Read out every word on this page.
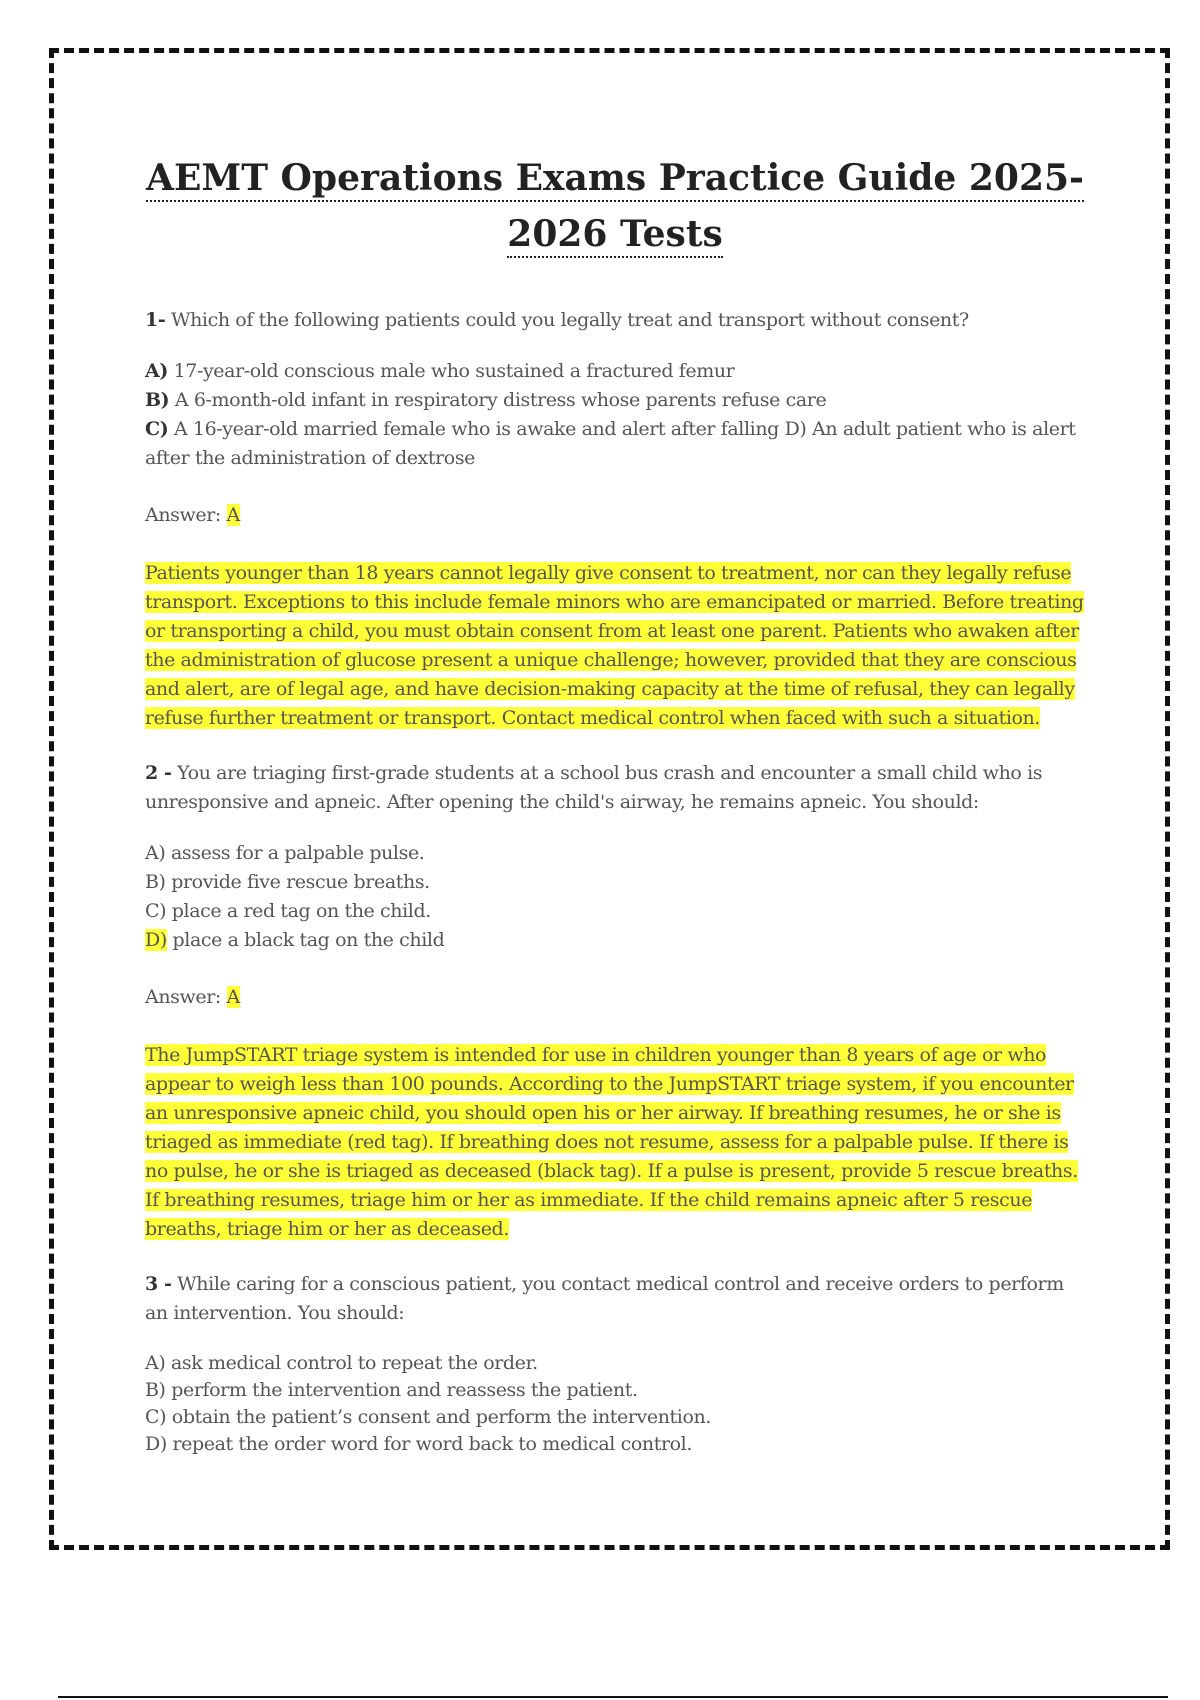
AEMT Operations Exams Practice Guide 2025-
2026 Tests

1- Which of the following patients could you legally treat and transport without consent?

A) 17-year-old conscious male who sustained a fractured femur
B) A 6-month-old infant in respiratory distress whose parents refuse care
C) A 16-year-old married female who is awake and alert after falling D) An adult patient who is alert after the administration of dextrose

Answer: A

Patients younger than 18 years cannot legally give consent to treatment, nor can they legally refuse transport. Exceptions to this include female minors who are emancipated or married. Before treating or transporting a child, you must obtain consent from at least one parent. Patients who awaken after the administration of glucose present a unique challenge; however, provided that they are conscious and alert, are of legal age, and have decision-making capacity at the time of refusal, they can legally refuse further treatment or transport. Contact medical control when faced with such a situation.

2 - You are triaging first-grade students at a school bus crash and encounter a small child who is unresponsive and apneic. After opening the child's airway, he remains apneic. You should:

A) assess for a palpable pulse.
B) provide five rescue breaths.
C) place a red tag on the child.
D) place a black tag on the child

Answer: A

The JumpSTART triage system is intended for use in children younger than 8 years of age or who appear to weigh less than 100 pounds. According to the JumpSTART triage system, if you encounter an unresponsive apneic child, you should open his or her airway. If breathing resumes, he or she is triaged as immediate (red tag). If breathing does not resume, assess for a palpable pulse. If there is no pulse, he or she is triaged as deceased (black tag). If a pulse is present, provide 5 rescue breaths. If breathing resumes, triage him or her as immediate. If the child remains apneic after 5 rescue breaths, triage him or her as deceased.

3 - While caring for a conscious patient, you contact medical control and receive orders to perform an intervention. You should:

A) ask medical control to repeat the order.
B) perform the intervention and reassess the patient.
C) obtain the patient’s consent and perform the intervention.
D) repeat the order word for word back to medical control.
